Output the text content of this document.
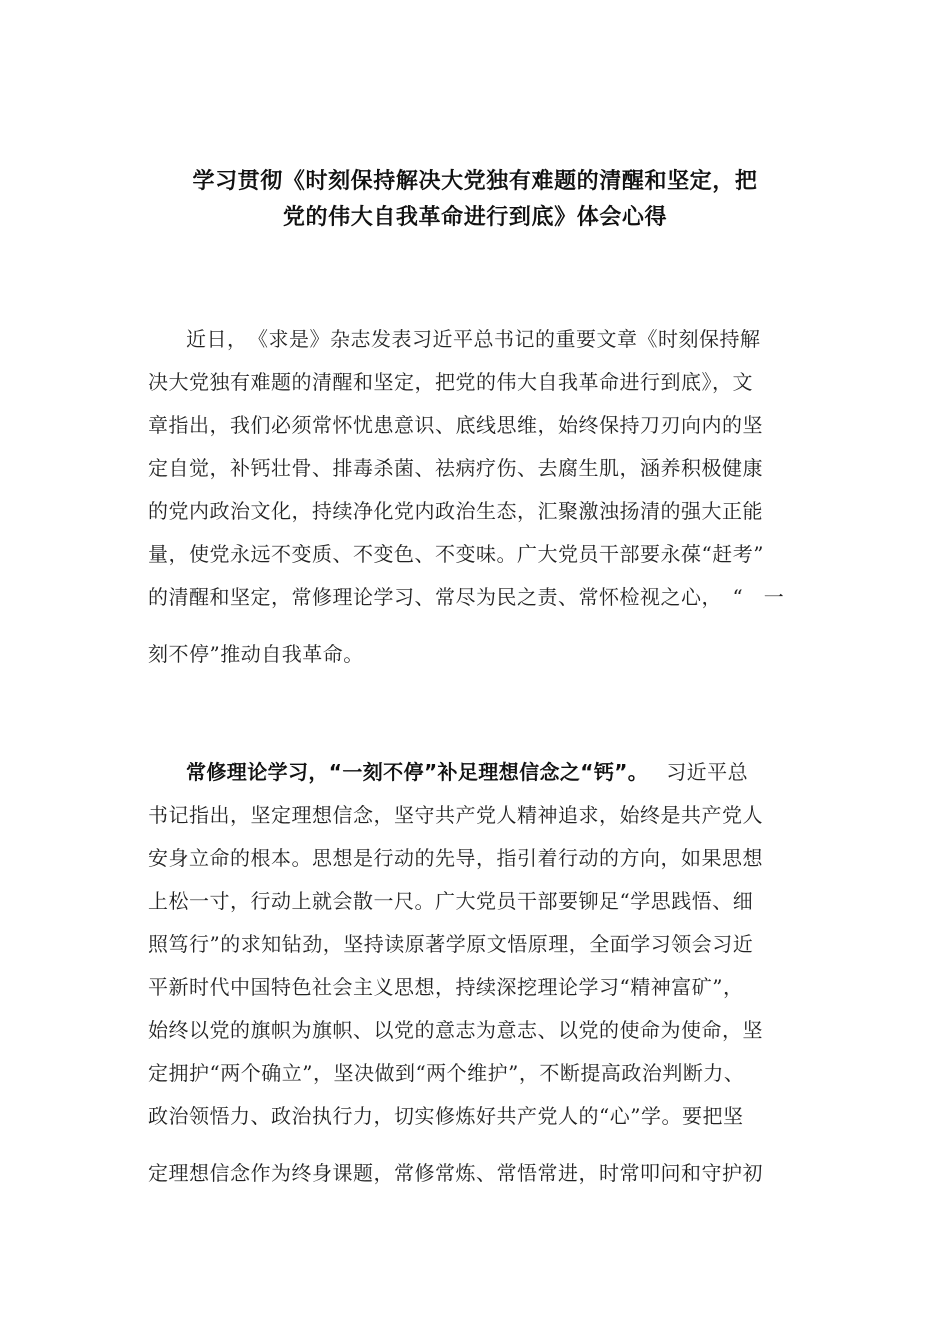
学习贯彻《时刻保持解决大党独有难题的清醒和坚定，把
党的伟大自我革命进行到底》体会心得
近日，　《求是》杂志发表习近平总书记的重要文章《时刻保持解
决大党独有难题的清醒和坚定，把党的伟大自我革命进行到底》，文
章指出，我们必须常怀忧患意识、底线思维，始终保持刀刃向内的坚
定自觉，补钙壮骨、排毒杀菌、祛病疗伤、去腐生肌，涵养积极健康
的党内政治文化，持续净化党内政治生态，汇聚激浊扬清的强大正能
量，使党永远不变质、不变色、不变味。广大党员干部要永葆“赶考”
的清醒和坚定，常修理论学习、常尽为民之责、常怀检视之心，　“　一
刻不停”推动自我革命。
常修理论学习，“一刻不停”补足理想信念之“钙”。 习近平总
书记指出，坚定理想信念，坚守共产党人精神追求，始终是共产党人
安身立命的根本。思想是行动的先导，指引着行动的方向，如果思想
上松一寸，行动上就会散一尺。广大党员干部要铆足“学思践悟、细
照笃行”的求知钻劲，坚持读原著学原文悟原理，全面学习领会习近
平新时代中国特色社会主义思想，持续深挖理论学习“精神富矿”，
始终以党的旗帜为旗帜、以党的意志为意志、以党的使命为使命，坚
定拥护“两个确立”，坚决做到“两个维护”，不断提高政治判断力、
政治领悟力、政治执行力，切实修炼好共产党人的“心”学。要把坚
定理想信念作为终身课题，常修常炼、常悟常进，时常叩问和守护初
